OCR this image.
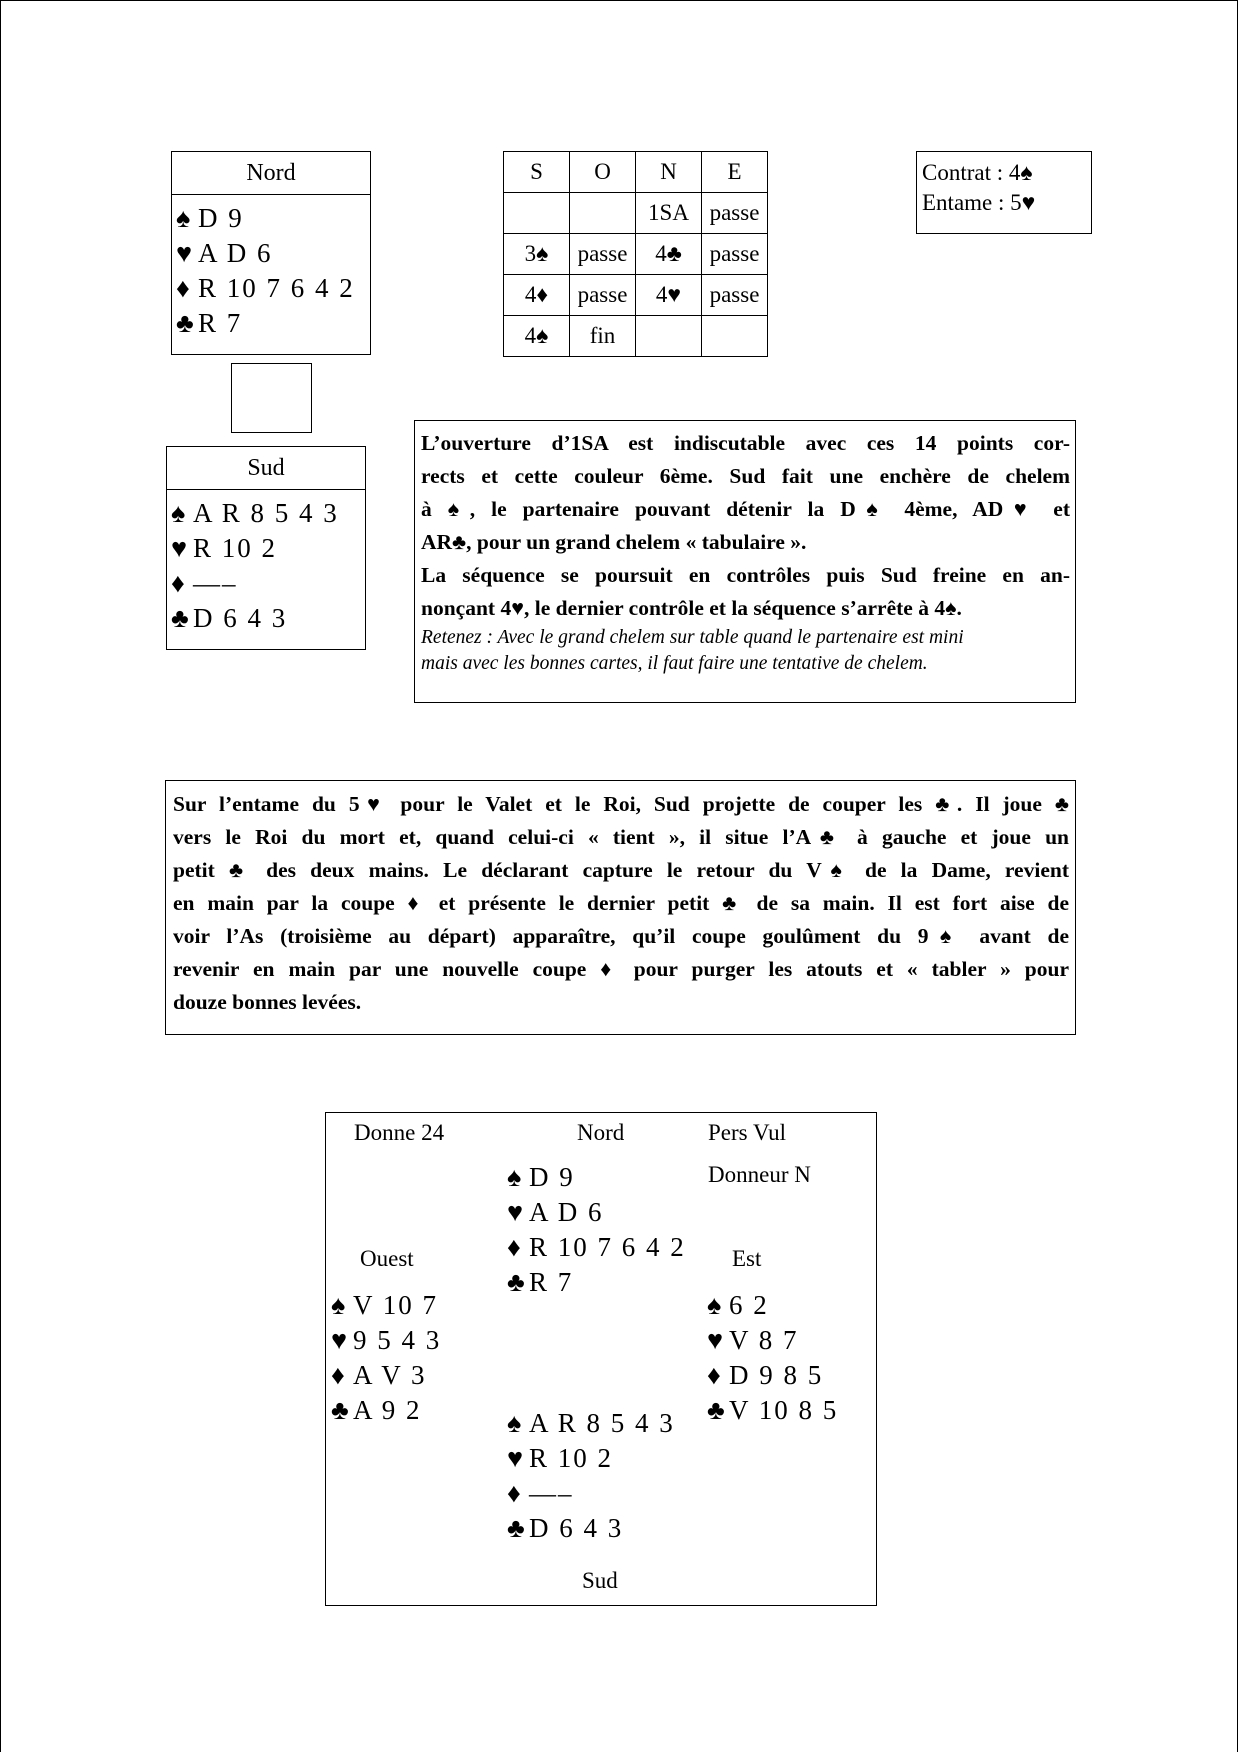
Nord
♠ D 9
♥ A D 6
♦ R 10 7 6 4 2
♣ R 7
Sud
♠ A R 8 5 4 3
♥ R 10 2
♦ —–
♣ D 6 4 3
S	O	N	E
		1SA	passe
3♠	passe	4♣	passe
4♦	passe	4♥	passe
4♠	fin		
Contrat : 4♠
Entame : 5♥
L’ouverture d’1SA est indiscutable avec ces 14 points cor-
rects et cette couleur 6ème. Sud fait une enchère de chelem
à ♠, le partenaire pouvant détenir la D♠ 4ème, AD♥ et
AR♣, pour un grand chelem « tabulaire ».
La séquence se poursuit en contrôles puis Sud freine en an-
nonçant 4♥, le dernier contrôle et la séquence s’arrête à 4♠.
Retenez : Avec le grand chelem sur table quand le partenaire est mini
mais avec les bonnes cartes, il faut faire une tentative de chelem.
Sur l’entame du 5♥ pour le Valet et le Roi, Sud projette de couper les ♣. Il joue ♣
vers le Roi du mort et, quand celui-ci « tient », il situe l’A♣ à gauche et joue un
petit ♣ des deux mains. Le déclarant capture le retour du V♠ de la Dame, revient
en main par la coupe ♦ et présente le dernier petit ♣ de sa main. Il est fort aise de
voir l’As (troisième au départ) apparaître, qu’il coupe goulûment du 9♠ avant de
revenir en main par une nouvelle coupe ♦ pour purger les atouts et « tabler » pour
douze bonnes levées.
Donne 24	Nord	Pers Vul
Donneur N
Ouest	Est
Sud
♠ D 9
♥ A D 6
♦ R 10 7 6 4 2
♣ R 7
♠ V 10 7
♥ 9 5 4 3
♦ A V 3
♣ A 9 2
♠ 6 2
♥ V 8 7
♦ D 9 8 5
♣ V 10 8 5
♠ A R 8 5 4 3
♥ R 10 2
♦ —–
♣ D 6 4 3
